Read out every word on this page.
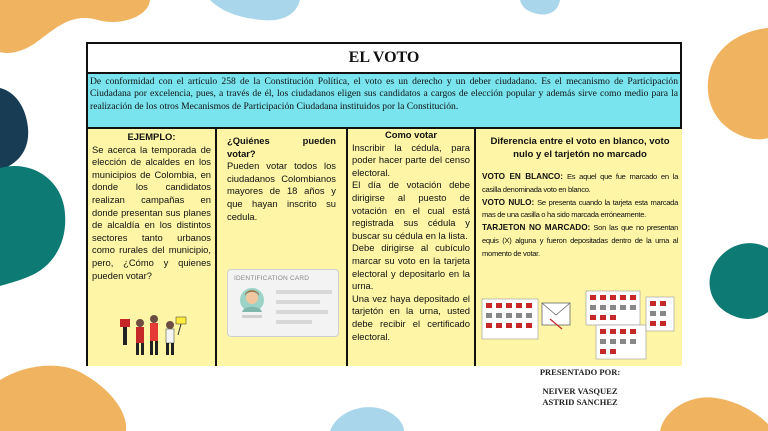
EL VOTO
De conformidad con el artículo 258 de la Constitución Política, el voto es un derecho y un deber ciudadano. Es el mecanismo de Participación Ciudadana por excelencia, pues, a través de él, los ciudadanos eligen sus candidatos a cargos de elección popular y además sirve como medio para la realización de los otros Mecanismos de Participación Ciudadana instituidos por la Constitución.
EJEMPLO:
Se acerca la temporada de elección de alcaldes en los municipios de Colombia, en donde los candidatos realizan campañas en donde presentan sus planes de alcaldía en los distintos sectores tanto urbanos como rurales del municipio, pero, ¿Cómo y quienes pueden votar?
¿Quiénes pueden votar?
Pueden votar todos los ciudadanos Colombianos mayores de 18 años y que hayan inscrito su cedula.
IDENTIFICATION CARD
Como votar
Inscribir la cédula, para poder hacer parte del censo electoral.
El día de votación debe dirigirse al puesto de votación en el cual está registrada sus cédula y buscar su cédula en la lista.
Debe dirigirse al cubículo marcar su voto en la tarjeta electoral y depositarlo en la urna.
Una vez haya depositado el tarjetón en la urna, usted debe recibir el certificado electoral.
Diferencia entre el voto en blanco, voto nulo y el tarjetón no marcado
VOTO EN BLANCO: Es aquel que fue marcado en la casilla denominada voto en blanco.
VOTO NULO: Se presenta cuando la tarjeta esta marcada mas de una casilla o ha sido marcada erróneamente.
TARJETON NO MARCADO: Son las que no presentan equis (X) alguna y fueron depositadas dentro de la urna al momento de votar.
PRESENTADO POR:
NEIVER VASQUEZ
ASTRID SANCHEZ
